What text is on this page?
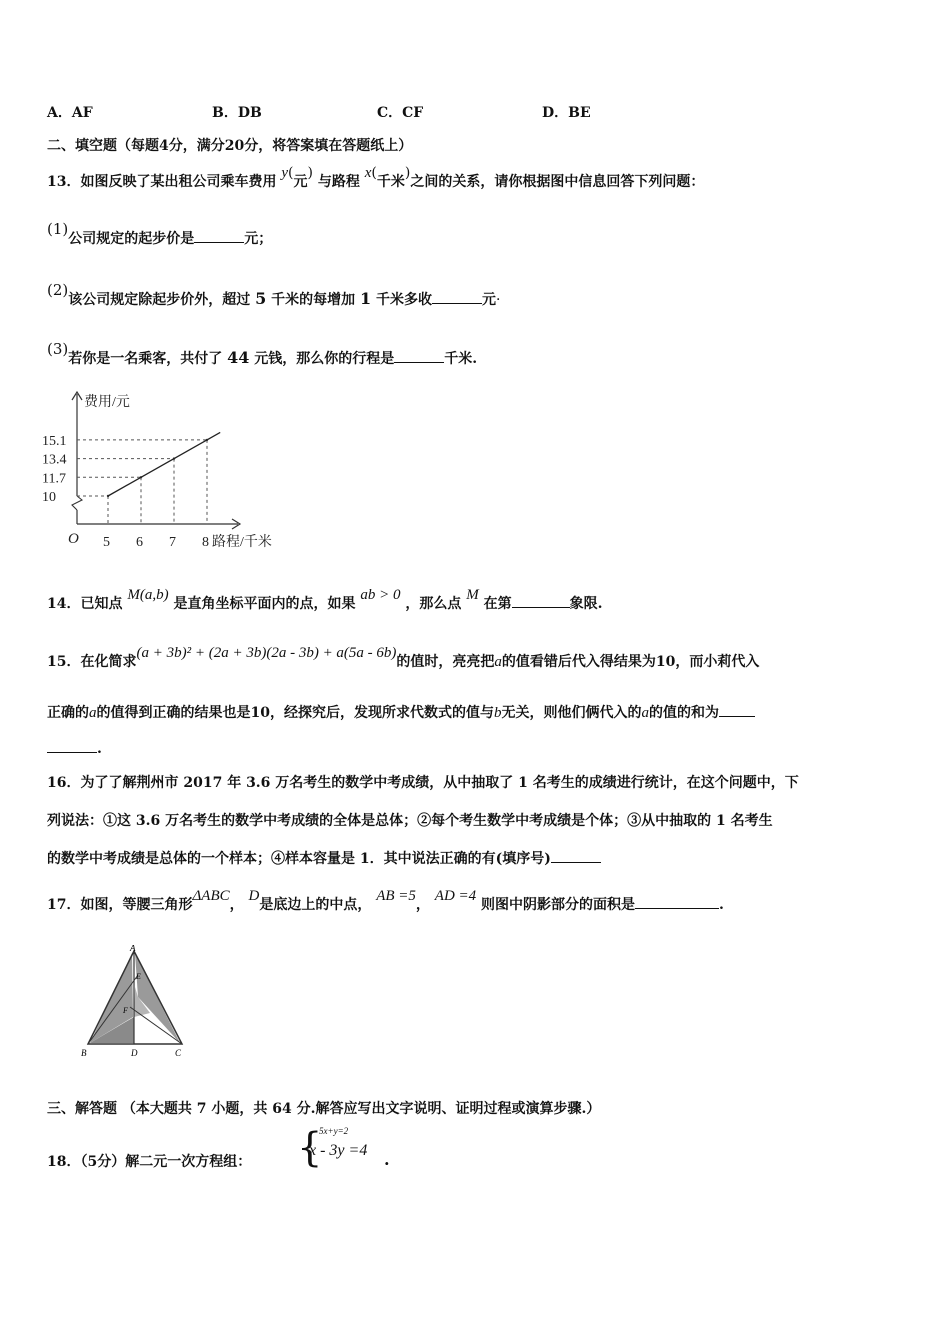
A．AF	B．DB	C．CF	D．BE
二、填空题（每题4分，满分20分，将答案填在答题纸上）
13．如图反映了某出租公司乘车费用 y(元) 与路程 x(千米)之间的关系，请你根据图中信息回答下列问题：
(1)公司规定的起步价是	元；
(2)该公司规定除起步价外，超过 5 千米的每增加 1 千米多收	元·
(3)若你是一名乘客，共付了 44 元钱，那么你的行程是	千米.
费用/元
路程/千米
O 5
10
6
11.7
7
13.4
8
15.1
14．已知点 M(a,b) 是直角坐标平面内的点，如果 ab > 0 ，那么点 M 在第	象限.
15．在化简求(a + 3b)² + (2a + 3b)(2a - 3b) + a(5a - 6b)的值时，亮亮把a的值看错后代入得结果为10，而小莉代入
正确的a的值得到正确的结果也是10，经探究后，发现所求代数式的值与b无关，则他们俩代入的a的值的和为
.
16．为了了解荆州市 2017 年 3.6 万名考生的数学中考成绩，从中抽取了 1 名考生的成绩进行统计，在这个问题中，下
列说法：①这 3.6 万名考生的数学中考成绩的全体是总体；②每个考生数学中考成绩是个体；③从中抽取的 1 名考生
的数学中考成绩是总体的一个样本；④样本容量是 1．其中说法正确的有(填序号)
17．如图，等腰三角形ΔABC， D是底边上的中点， AB =5， AD =4 则图中阴影部分的面积是	.
A
E
F
B	D	C
三、解答题 （本大题共 7 小题，共 64 分.解答应写出文字说明、证明过程或演算步骤.）
18．（5分）解二元一次方程组： {
5x+y=2
x - 3y =4 .
